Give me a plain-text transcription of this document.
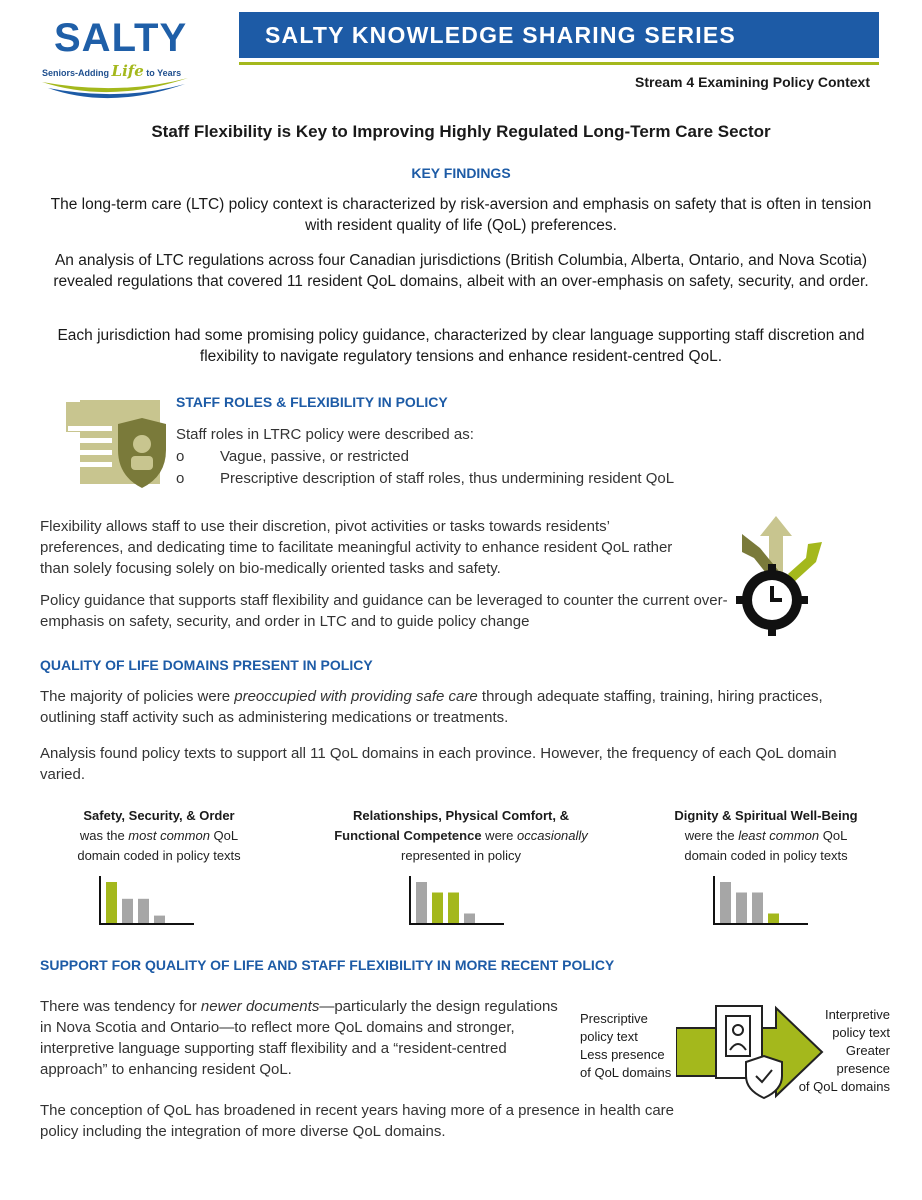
SALTY
Seniors-Adding Life to Years
SALTY KNOWLEDGE SHARING SERIES
Stream 4 Examining Policy Context
Staff Flexibility is Key to Improving Highly Regulated Long-Term Care Sector
KEY FINDINGS
The long-term care (LTC) policy context is characterized by risk-aversion and emphasis on safety that is often in tension with resident quality of life (QoL) preferences.
An analysis of LTC regulations across four Canadian jurisdictions (British Columbia, Alberta, Ontario, and Nova Scotia) revealed regulations that covered 11 resident QoL domains, albeit with an over-emphasis on safety, security, and order.
Each jurisdiction had some promising policy guidance, characterized by clear language supporting staff discretion and flexibility to navigate regulatory tensions and enhance resident-centred QoL.
STAFF ROLES & FLEXIBILITY IN POLICY
Staff roles in LTRC policy were described as:
o	Vague, passive, or restricted
o	Prescriptive description of staff roles, thus undermining resident QoL
Flexibility allows staff to use their discretion, pivot activities or tasks towards residents’ preferences, and dedicating time to facilitate meaningful activity to enhance resident QoL rather than solely focusing solely on bio-medically oriented tasks and safety.
Policy guidance that supports staff flexibility and guidance can be leveraged to counter the current over-emphasis on safety, security, and order in LTC and to guide policy change
QUALITY OF LIFE DOMAINS PRESENT IN POLICY
The majority of policies were preoccupied with providing safe care through adequate staffing, training, hiring practices, outlining staff activity such as administering medications or treatments.
Analysis found policy texts to support all 11 QoL domains in each province. However, the frequency of each QoL domain varied.
Safety, Security, & Order
was the most common QoL
domain coded in policy texts
Relationships, Physical Comfort, &
Functional Competence were occasionally
represented in policy
Dignity & Spiritual Well-Being
were the least common QoL
domain coded in policy texts
SUPPORT FOR QUALITY OF LIFE AND STAFF FLEXIBILITY IN MORE RECENT POLICY
There was tendency for newer documents—particularly the design regulations in Nova Scotia and Ontario—to reflect more QoL domains and stronger, interpretive language supporting staff flexibility and a “resident-centred approach” to enhancing resident QoL.
The conception of QoL has broadened in recent years having more of a presence in health care policy including the integration of more diverse QoL domains.
Prescriptive
policy text
Less presence
of QoL domains
Interpretive
policy text
Greater
presence
of QoL domains
